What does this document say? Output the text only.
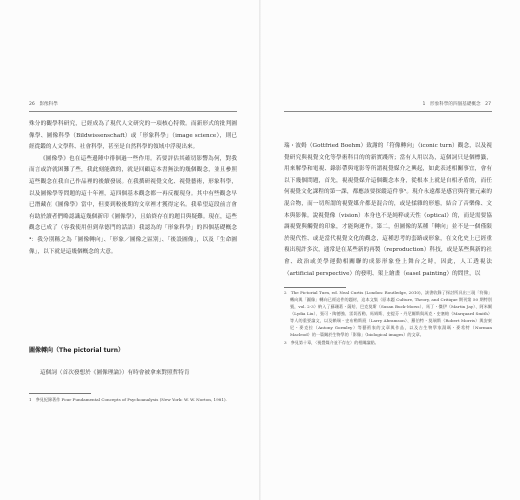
26　影像科學

殊分的觀學科研究，已經成為了現代人文研究的一項核心特徵。而新形式的批判圖像學、圖像科學（Bildwissenschaft）或「形象科學」（image science），則已經從鑑的人文學科、社會科學，甚至是自然科學的領域中浮現出來。

《圖像學》也在這些邊陲中徘徊過一些作用。若要評估其確切影響為何，對我而言或許就困難了些，我此刻能做的，就是回顧這本書無法的幾個觀念，並且參照這些觀念在我自己作品裡的後續發展。在我撰研視覺文化、視覺藝術，形象科學，以及圖像學等問題的這十年裡，這四個基本觀念都一再反覆現身。其中有些觀念早已潛藏在《圖像學》當中，但要到較後期的文章裡才獲得定名。我希望這段前言會有助於讀者們略認識這幾個新印《圖像學》，且始終存在的題目與疑難。現在，這些觀念已成了（容我使用但到韋德門的話語）我認為的「形象科學」的四個基礎概念⁴：我分別稱之為「圖像轉向」、「形象／圖像之區別」、「後設圖像」，以及「生命圖像」，以下就是這幾個概念的大意。

圖像轉向（The pictorial turn）

這個詞（首次發想於《圖像理論》）有時會被拿來對照哲特肯

1　參見紀錄著作 Four Fundamental Concepts of Psychoanalysis (New York: W. W. Norton, 1981).

1　形象科學的四個基礎概念　27

瑞・波姆（Gottfried Boehm）致謝的「符像轉向」（iconic turn）觀念，以及視覺研究與視覺文化等學術科目的的新實踐所；當有人用以為，這個詞只是個標籤，用來解學和電視、錄影帶與電影等所謂視覺媒介之興起，如此表述相關事宜，會有以下幾個問題，首先，視視覺媒介這個觀念本身，從根本上就是自相矛盾的，而任何視覺文化課程的第一課，都應該要探縱這件事⁵。現介永遠都是感官與符號元素的混合物，而一切所謂的視覺媒介都是混合的，或是揉雜的形態，結合了音樂像、文本與影像。說視覺像（vision）本身也不是純粹或天性（optical）的，而是需要協調視覺與觸覺的印象，才能夠運作。第二，但圖像的某種「轉向」並不是一個僅限於現代性、或是當代視覺文化的觀念，這種思考的套路或形象，在文化史上已經重複出現許多次，通常是在某些新的再製（reproduction）科技，或是某些與新的社會、政治或美學運動相關聯的成影形象登上舞台之時，因此，人工透視法（artificial perspective）的發明、架上繪畫（easel painting）的問世，以

2　The Pictorial Turn, ed. Neal Curtis (London: Routledge, 2010)，該書收錄了探討所具出三現「符像」轉向與「圖像」轉向已經這件的題材，這本文集（原本題 Culture, Theory, and Critique 期刊第 50 期特別號，vol. 2-3）納入了蘇珊葛・薩哈、巴克莫斯（Susan Buck-Morss）、馬丁・傑伊（Martin Jay）、阿米爾（Lydia Liu）、張可・陶德強、雷切西勒、馬姆斯、史提芬・丹尼爾斯與馬克・史塞帕（Marquard Smith）等人的重要論文，以及賴瑞・史布勒斯班（Larry Abramson）、羅伯特・莫瑞斯（Robert Morris）與安東尼・麥克拉（Antony Gormley）等藝術家的文章與作品，以及古生物學家湯瑪・麥希特（Norman Macleod）的一篇關於生物學的「影像」（biological images）的文章。

3　參見第十章，〈視覺媒介並不存在〉的相關論點。
